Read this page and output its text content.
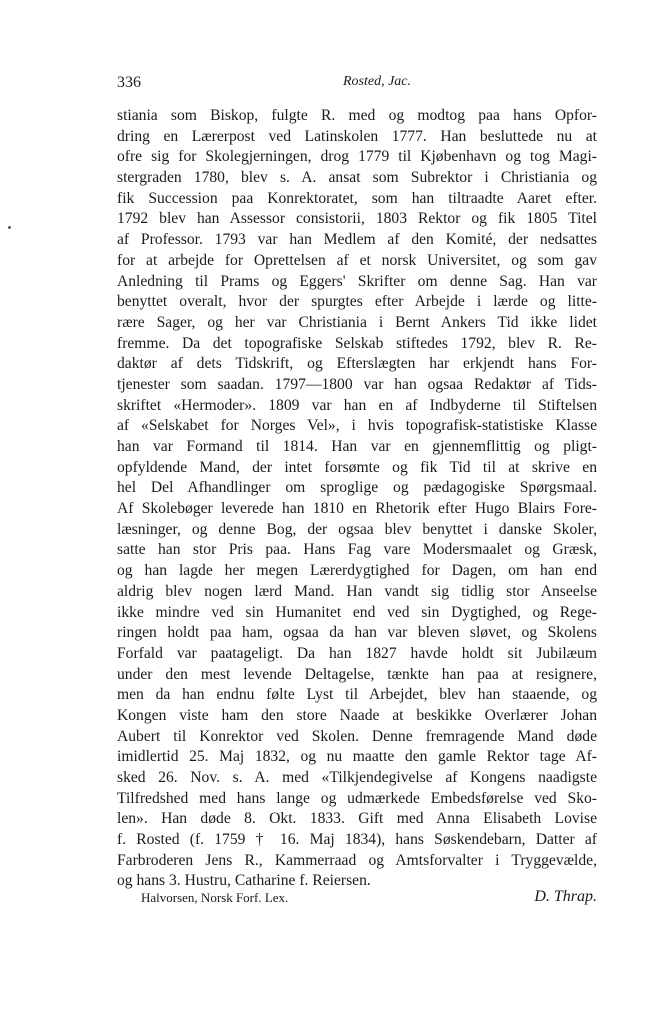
336	Rosted, Jac.
stiania som Biskop, fulgte R. med og modtog paa hans Opfor-
dring en Lærerpost ved Latinskolen 1777. Han besluttede nu at
ofre sig for Skolegjerningen, drog 1779 til Kjøbenhavn og tog Magi-
stergraden 1780, blev s. A. ansat som Subrektor i Christiania og
fik Succession paa Konrektoratet, som han tiltraadte Aaret efter.
1792 blev han Assessor consistorii, 1803 Rektor og fik 1805 Titel
af Professor. 1793 var han Medlem af den Komité, der nedsattes
for at arbejde for Oprettelsen af et norsk Universitet, og som gav
Anledning til Prams og Eggers' Skrifter om denne Sag. Han var
benyttet overalt, hvor der spurgtes efter Arbejde i lærde og litte-
rære Sager, og her var Christiania i Bernt Ankers Tid ikke lidet
fremme. Da det topografiske Selskab stiftedes 1792, blev R. Re-
daktør af dets Tidskrift, og Efterslægten har erkjendt hans For-
tjenester som saadan. 1797—1800 var han ogsaa Redaktør af Tids-
skriftet «Hermoder». 1809 var han en af Indbyderne til Stiftelsen
af «Selskabet for Norges Vel», i hvis topografisk-statistiske Klasse
han var Formand til 1814. Han var en gjennemflittig og pligt-
opfyldende Mand, der intet forsømte og fik Tid til at skrive en
hel Del Afhandlinger om sproglige og pædagogiske Spørgsmaal.
Af Skolebøger leverede han 1810 en Rhetorik efter Hugo Blairs Fore-
læsninger, og denne Bog, der ogsaa blev benyttet i danske Skoler,
satte han stor Pris paa. Hans Fag vare Modersmaalet og Græsk,
og han lagde her megen Lærerdygtighed for Dagen, om han end
aldrig blev nogen lærd Mand. Han vandt sig tidlig stor Anseelse
ikke mindre ved sin Humanitet end ved sin Dygtighed, og Rege-
ringen holdt paa ham, ogsaa da han var bleven sløvet, og Skolens
Forfald var paatageligt. Da han 1827 havde holdt sit Jubilæum
under den mest levende Deltagelse, tænkte han paa at resignere,
men da han endnu følte Lyst til Arbejdet, blev han staaende, og
Kongen viste ham den store Naade at beskikke Overlærer Johan
Aubert til Konrektor ved Skolen. Denne fremragende Mand døde
imidlertid 25. Maj 1832, og nu maatte den gamle Rektor tage Af-
sked 26. Nov. s. A. med «Tilkjendegivelse af Kongens naadigste
Tilfredshed med hans lange og udmærkede Embedsførelse ved Sko-
len». Han døde 8. Okt. 1833. Gift med Anna Elisabeth Lovise
f. Rosted (f. 1759 † 16. Maj 1834), hans Søskendebarn, Datter af
Farbroderen Jens R., Kammerraad og Amtsforvalter i Tryggevælde,
og hans 3. Hustru, Catharine f. Reiersen.
Halvorsen, Norsk Forf. Lex.	D. Thrap.
